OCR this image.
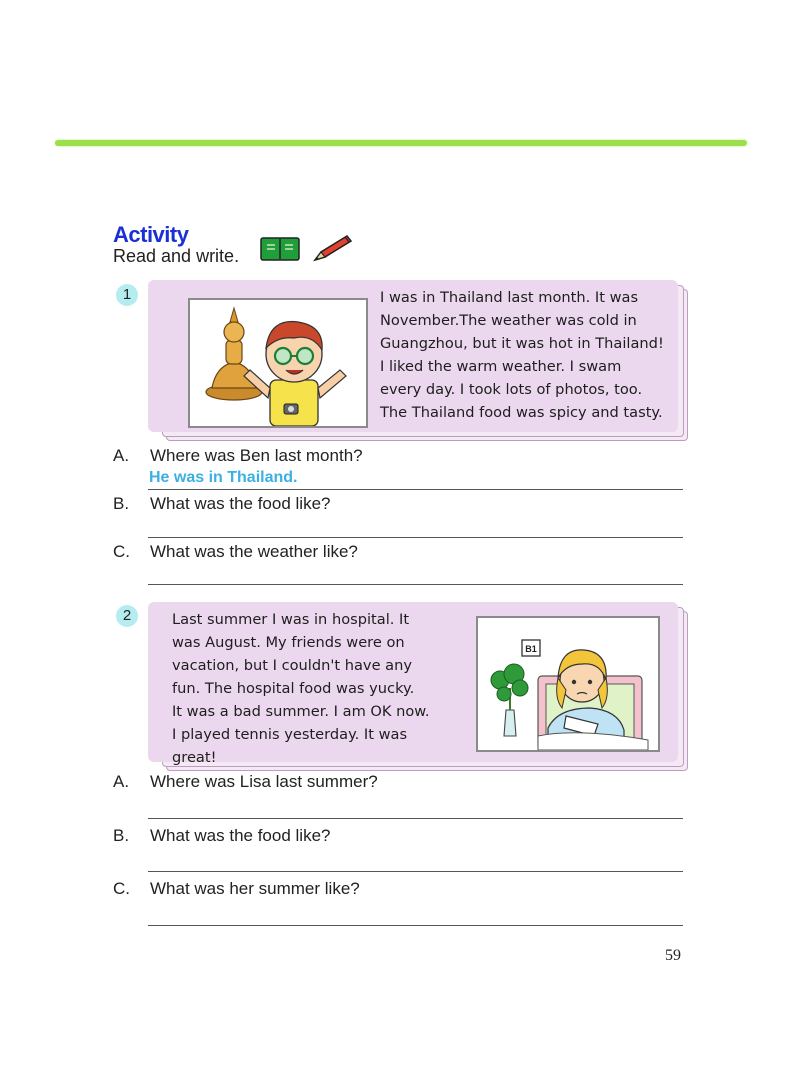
Activity
Read and write.
1	I was in Thailand last month. It was
November.The weather was cold in
Guangzhou, but it was hot in Thailand!
I liked the warm weather. I swam
every day. I took lots of photos, too.
The Thailand food was spicy and tasty.
A. Where was Ben last month?
He was in Thailand.
B. What was the food like?
C. What was the weather like?
2	Last summer I was in hospital. It
was August. My friends were on
vacation, but I couldn't have any
fun. The hospital food was yucky.
It was a bad summer. I am OK now.
I played tennis yesterday. It was
great!
B1
A. Where was Lisa last summer?
B. What was the food like?
C. What was her summer like?
59
